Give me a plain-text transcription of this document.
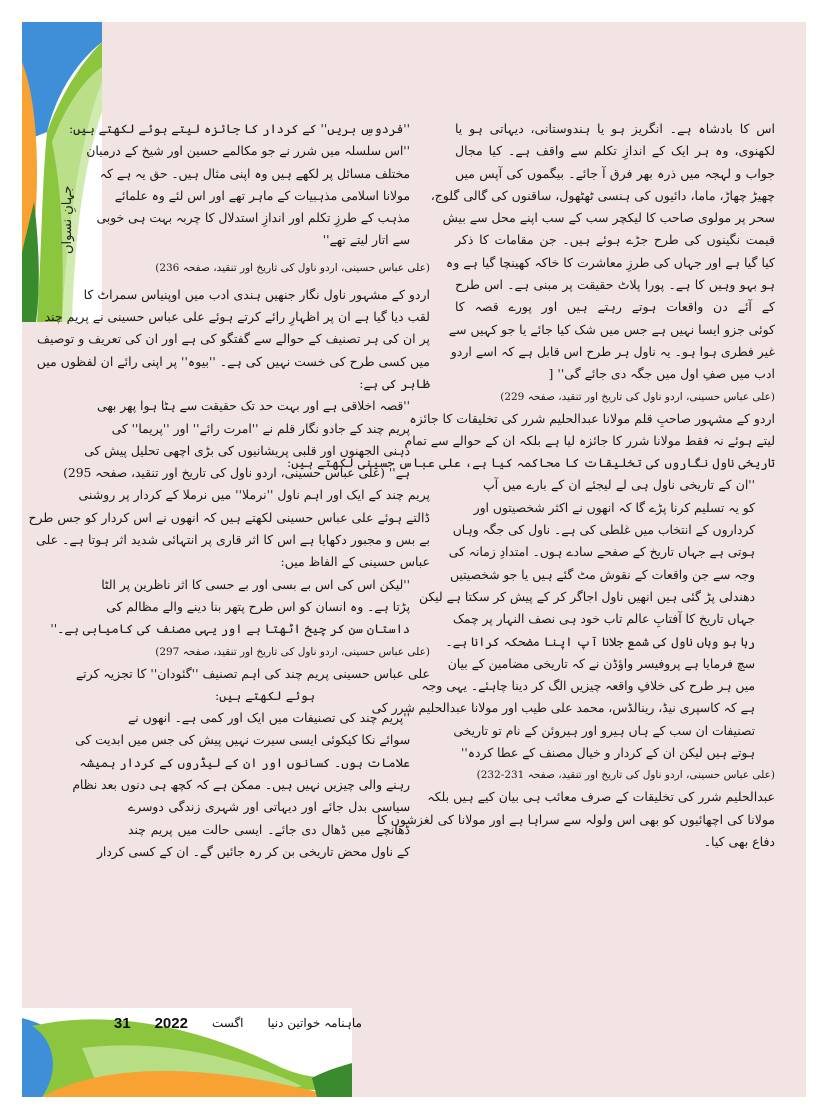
جہانِ نسواں
ماہنامہ خواتین دنیا
اگست
2022
31
اس کا بادشاہ ہے۔ انگریز ہو یا ہندوستانی، دیہاتی ہو یا
لکھنوی، وہ ہر ایک کے اندازِ تکلم سے واقف ہے۔ کیا مجال
جواب و لہجہ میں ذرہ بھر فرق آ جائے۔ بیگموں کی آپس میں
چھیڑ چھاڑ، ماما، دائیوں کی ہنسی ٹھٹھول، ساقنوں کی گالی گلوج،
سحر پر مولوی صاحب کا لیکچر سب کے سب اپنے محل سے بیش
قیمت نگینوں کی طرح جڑے ہوئے ہیں۔ جن مقامات کا ذکر
کیا گیا ہے اور جہاں کی طرزِ معاشرت کا خاکہ کھینچا گیا ہے وہ
ہو بہو وہیں کا ہے۔ پورا پلاٹ حقیقت پر مبنی ہے۔ اس طرح
کے آئے دن واقعات ہوتے رہتے ہیں اور پورے قصہ کا
کوئی جزو ایسا نہیں ہے جس میں شک کیا جائے یا جو کہیں سے
غیر فطری ہوا ہو۔ یہ ناول ہر طرح اس قابل ہے کہ اسے اردو
ادب میں صفِ اول میں جگہ دی جائے گی'' [
(علی عباس حسینی، اردو ناول کی تاریخ اور تنقید، صفحہ 229)
اردو کے مشہور صاحبِ قلم مولانا عبدالحلیم شرر کی تخلیقات کا جائزہ
لیتے ہوئے نہ فقط مولانا شرر کا جائزہ لیا ہے بلکہ ان کے حوالے سے تمام
تاریخی ناول نگاروں کی تخلیقات کا محاکمہ کیا ہے، علی عباس حسینی لکھتے ہیں:
''ان کے تاریخی ناول ہی لے لیجئے ان کے بارے میں آپ
کو یہ تسلیم کرنا پڑے گا کہ انھوں نے اکثر شخصیتوں اور
کرداروں کے انتخاب میں غلطی کی ہے۔ ناول کی جگہ وہاں
ہوتی ہے جہاں تاریخ کے صفحے سادے ہوں۔ امتدادِ زمانہ کی
وجہ سے جن واقعات کے نقوش مٹ گئے ہیں یا جو شخصیتیں
دھندلی پڑ گئی ہیں انھیں ناول اجاگر کر کے پیش کر سکتا ہے لیکن
جہاں تاریخ کا آفتابِ عالم تاب خود ہی نصف النہار پر چمک
رہا ہو وہاں ناول کی شمع جلانا آپ اپنا مضحکہ کرانا ہے۔
سچ فرمایا ہے پروفیسر واؤڈن نے کہ تاریخی مضامین کے بیان
میں ہر طرح کی خلافِ واقعہ چیزیں الگ کر دینا چاہئے۔ یہی وجہ
ہے کہ کاسپری نیڈ، رینالڈس، محمد علی طیب اور مولانا عبدالحلیم شرر کی
تصنیفات ان سب کے ہاں ہیرو اور ہیروئن کے نام تو تاریخی
ہوتے ہیں لیکن ان کے کردار و خیال مصنف کے عطا کردہ''
(علی عباس حسینی، اردو ناول کی تاریخ اور تنقید، صفحہ 231-232)
عبدالحلیم شرر کی تخلیقات کے صرف معائب ہی بیان کیے ہیں بلکہ
مولانا کی اچھائیوں کو بھی اس ولولہ سے سراہا ہے اور مولانا کی لغزشوں کا
دفاع بھی کیا۔
''فردوسِ بریں'' کے کردار کا جائزہ لیتے ہوئے لکھتے ہیں:
''اس سلسلہ میں شرر نے جو مکالمے حسین اور شیخ کے درمیان
مختلف مسائل پر لکھے ہیں وہ اپنی مثال ہیں۔ حق یہ ہے کہ
مولانا اسلامی مذہبیات کے ماہر تھے اور اس لئے وہ علمائے
مذہب کے طرزِ تکلم اور اندازِ استدلال کا چربہ بہت ہی خوبی
سے اتار لیتے تھے''
(علی عباس حسینی، اردو ناول کی تاریخ اور تنقید، صفحہ 236)
اردو کے مشہور ناول نگار جنھیں ہندی ادب میں اوپنیاس سمراٹ کا
لقب دیا گیا ہے ان پر اظہارِ رائے کرتے ہوئے علی عباس حسینی نے پریم چند
پر ان کی ہر تصنیف کے حوالے سے گفتگو کی ہے اور ان کی تعریف و توصیف
میں کسی طرح کی خست نہیں کی ہے۔ ''بیوہ'' پر اپنی رائے ان لفظوں میں
ظاہر کی ہے:
''قصہ اخلاقی ہے اور بہت حد تک حقیقت سے ہٹا ہوا پھر بھی
پریم چند کے جادو نگار قلم نے ''امرت رائے'' اور ''پریما'' کی
ذہنی الجھنوں اور قلبی پریشانیوں کی بڑی اچھی تحلیل پیش کی
ہے'' (علی عباس حسینی، اردو ناول کی تاریخ اور تنقید، صفحہ 295)
پریم چند کے ایک اور اہم ناول ''نرملا'' میں نرملا کے کردار پر روشنی
ڈالتے ہوئے علی عباس حسینی لکھتے ہیں کہ انھوں نے اس کردار کو جس طرح
بے بس و مجبور دکھایا ہے اس کا اثر قاری پر انتہائی شدید اثر ہوتا ہے۔ علی
عباس حسینی کے الفاظ میں:
''لیکن اس کی اس بے بسی اور بے حسی کا اثر ناظرین پر الٹا
پڑتا ہے۔ وہ انسان کو اس طرح پتھر بنا دینے والے مظالم کی
داستان سن کر چیخ اٹھتا ہے اور یہی مصنف کی کامیابی ہے۔''
(علی عباس حسینی، اردو ناول کی تاریخ اور تنقید، صفحہ 297)
علی عباس حسینی پریم چند کی اہم تصنیف ''گئودان'' کا تجزیہ کرتے
ہوئے لکھتے ہیں:
''پریم چند کی تصنیفات میں ایک اور کمی ہے۔ انھوں نے
سوائے نکا کیکوئی ایسی سیرت نہیں پیش کی جس میں ابدیت کی
علامات ہوں۔ کسانوں اور ان کے لیڈروں کے کردار ہمیشہ
رہنے والی چیزیں نہیں ہیں۔ ممکن ہے کہ کچھ ہی دنوں بعد نظام
سیاسی بدل جائے اور دیہاتی اور شہری زندگی دوسرے
ڈھانچے میں ڈھال دی جائے۔ ایسی حالت میں پریم چند
کے ناول محض تاریخی بن کر رہ جائیں گے۔ ان کے کسی کردار
